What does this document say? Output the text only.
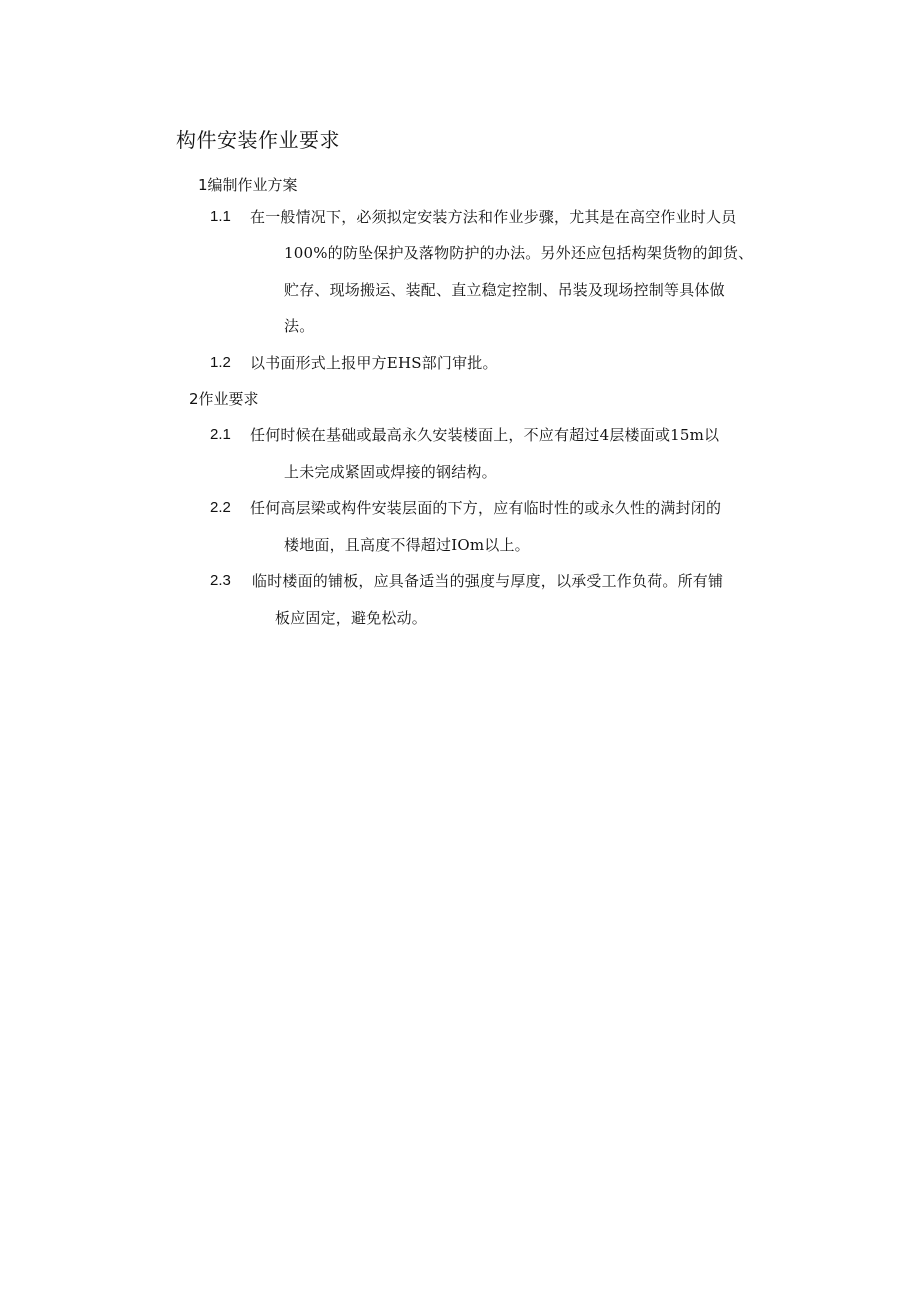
构件安装作业要求
1编制作业方案
1.1 在一般情况下，必须拟定安装方法和作业步骤，尤其是在高空作业时人员
100%的防坠保护及落物防护的办法。另外还应包括构架货物的卸货、
贮存、现场搬运、装配、直立稳定控制、吊装及现场控制等具体做
法。
1.2 以书面形式上报甲方EHS部门审批。
2作业要求
2.1 任何时候在基础或最高永久安装楼面上，不应有超过4层楼面或15m以
上未完成紧固或焊接的钢结构。
2.2 任何高层梁或构件安装层面的下方，应有临时性的或永久性的满封闭的
楼地面，且高度不得超过IOm以上。
2.3 临时楼面的铺板，应具备适当的强度与厚度，以承受工作负荷。所有铺
板应固定，避免松动。
